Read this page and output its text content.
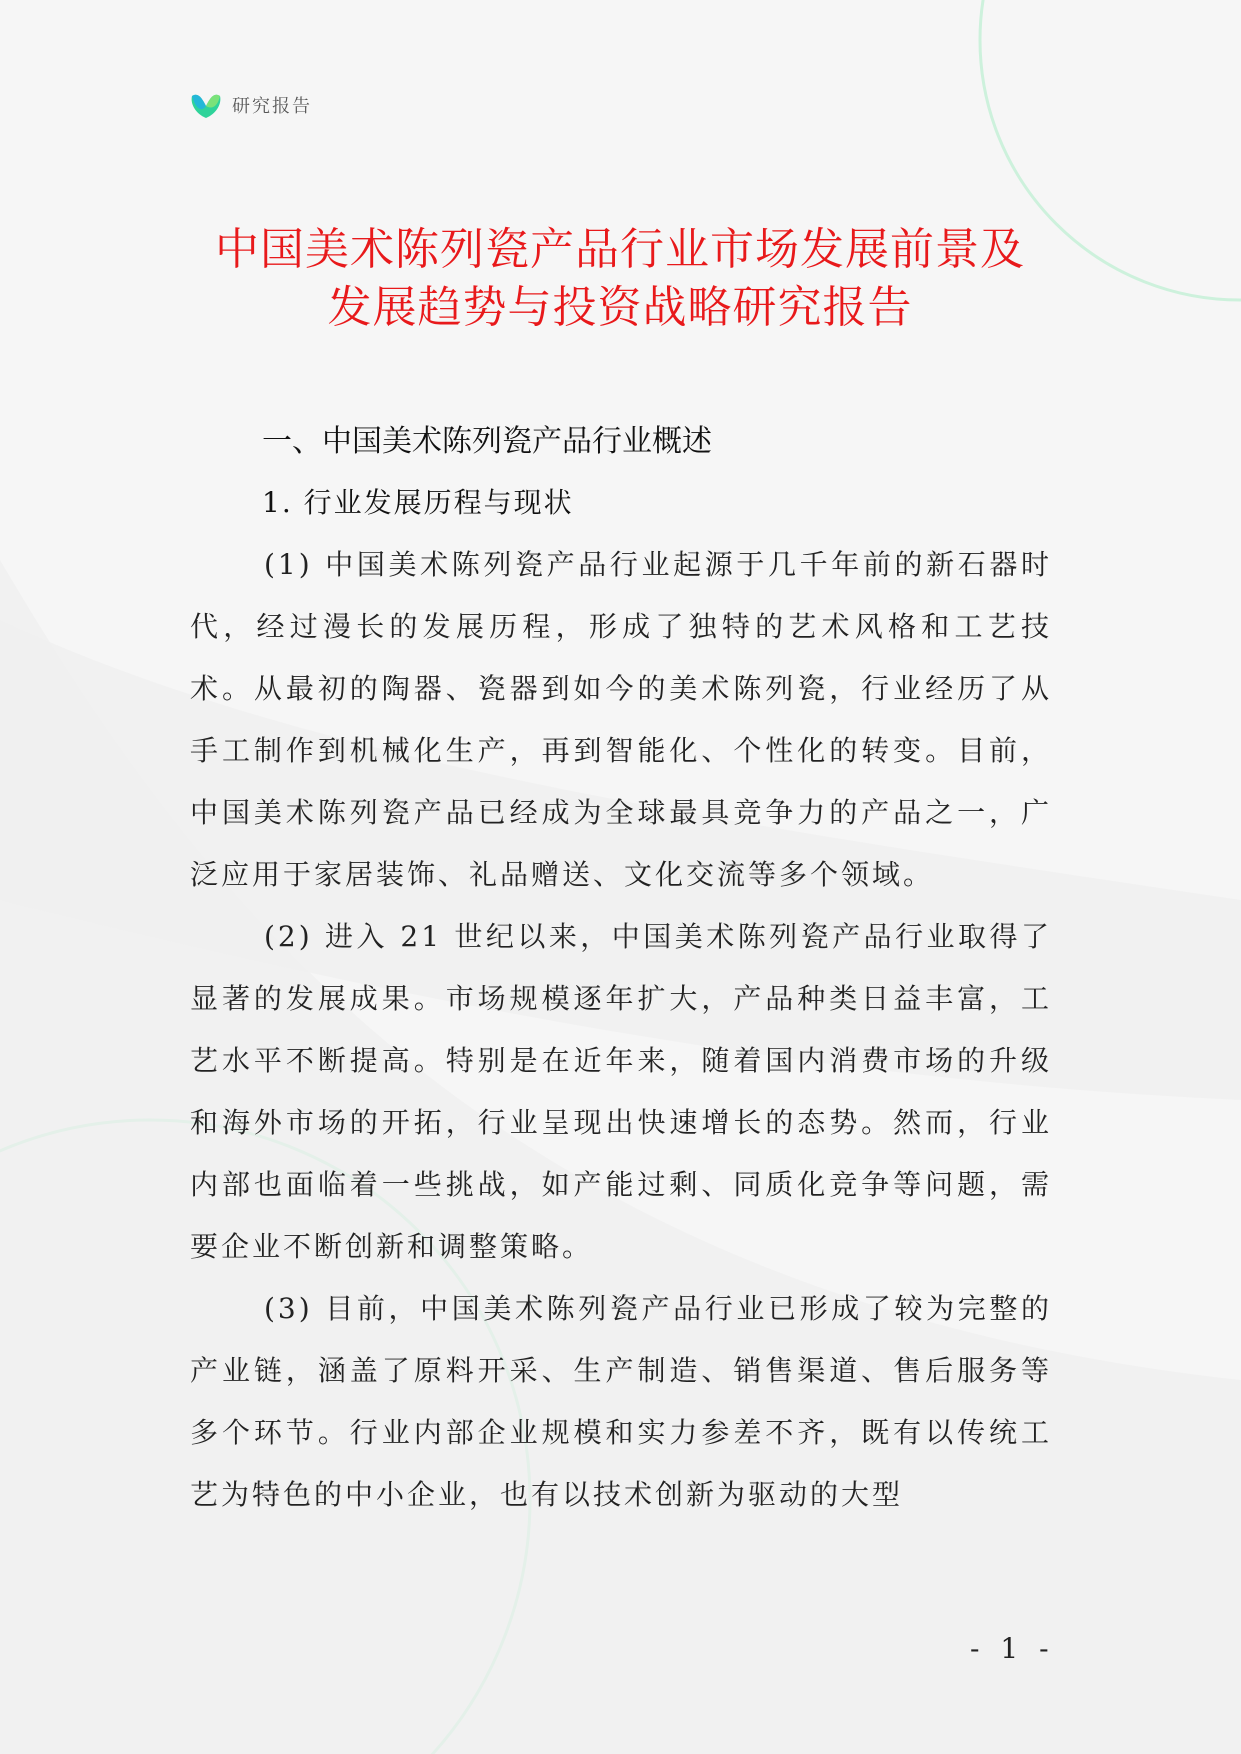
研究报告
中国美术陈列瓷产品行业市场发展前景及
发展趋势与投资战略研究报告
一、中国美术陈列瓷产品行业概述
1. 行业发展历程与现状

(1) 中国美术陈列瓷产品行业起源于几千年前的新石器时代，经过漫长的发展历程，形成了独特的艺术风格和工艺技术。从最初的陶器、瓷器到如今的美术陈列瓷，行业经历了从手工制作到机械化生产，再到智能化、个性化的转变。目前，中国美术陈列瓷产品已经成为全球最具竞争力的产品之一，广泛应用于家居装饰、礼品赠送、文化交流等多个领域。

(2) 进入 21 世纪以来，中国美术陈列瓷产品行业取得了显著的发展成果。市场规模逐年扩大，产品种类日益丰富，工艺水平不断提高。特别是在近年来，随着国内消费市场的升级和海外市场的开拓，行业呈现出快速增长的态势。然而，行业内部也面临着一些挑战，如产能过剩、同质化竞争等问题，需要企业不断创新和调整策略。

(3) 目前，中国美术陈列瓷产品行业已形成了较为完整的产业链，涵盖了原料开采、生产制造、销售渠道、售后服务等多个环节。行业内部企业规模和实力参差不齐，既有以传统工艺为特色的中小企业，也有以技术创新为驱动的大型

- 1 -
